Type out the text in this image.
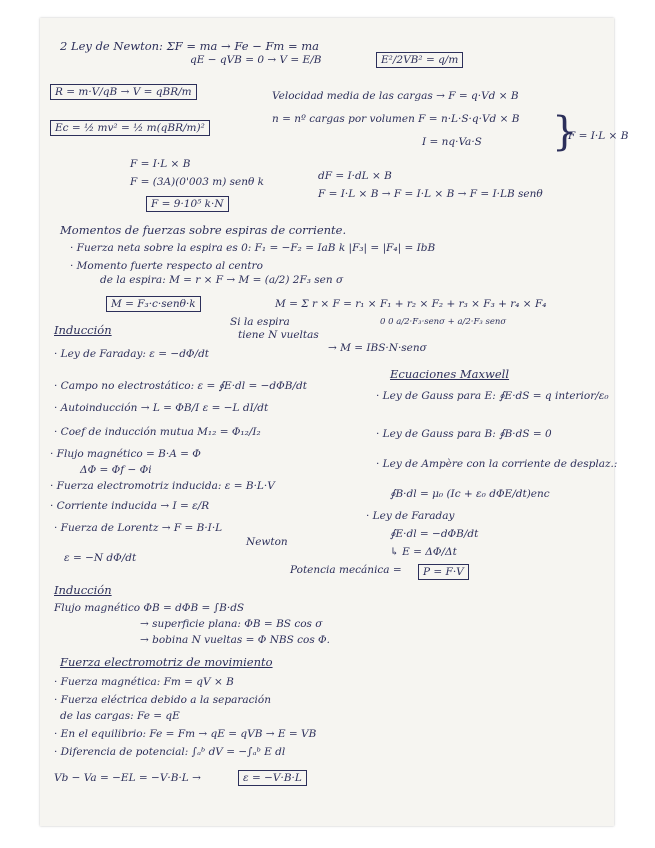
2 Ley de Newton: ΣF = ma → Fe − Fm = ma
qE − qVB = 0 → V = E/B	E²/2VB² = q/m
R = m·V/qB → V = qBR/m	Velocidad media de las cargas → F = q·Vd × B
n = nº cargas por volumen F = n·L·S·q·Vd × B
Ec = ½ mv² = ½ m(qBR/m)²
I = nq·Va·S }
F = I·L × B
F = I·L × B
F = (3A)(0'003 m) senθ k	dF = I·dL × B
F = I·L × B → F = I·L × B → F = I·LB senθ
F = 9·10⁵ k·N
Momentos de fuerzas sobre espiras de corriente.
· Fuerza neta sobre la espira es 0: F₁ = −F₂ = IaB k |F₃| = |F₄| = IbB
· Momento fuerte respecto al centro
de la espira: M = r × F → M = (a/2) 2F₃ sen σ
M = F₃·c·senθ·k	M = Σ r × F = r₁ × F₁ + r₂ × F₂ + r₃ × F₃ + r₄ × F₄
Si la espira	0 0 a/2·F₃·senσ + a/2·F₃ senσ
tiene N vueltas
→ M = IBS·N·senσ
Inducción
· Ley de Faraday: ε = −dΦ/dt
· Campo no electrostático: ε = ∮E·dl = −dΦB/dt
Ecuaciones Maxwell
· Autoinducción → L = ΦB/I ε = −L dI/dt
· Ley de Gauss para E: ∮E·dS = q interior/ε₀
· Coef de inducción mutua M₁₂ = Φ₁₂/I₂	· Ley de Gauss para B: ∮B·dS = 0
· Flujo magnético = B·A = Φ
ΔΦ = Φf − Φi	· Ley de Ampère con la corriente de desplaz.:
· Fuerza electromotriz inducida: ε = B·L·V
∮B·dl = μ₀ (Ic + ε₀ dΦE/dt)enc
· Corriente inducida → I = ε/R
· Ley de Faraday
· Fuerza de Lorentz → F = B·I·L
Newton
∮E·dl = −dΦB/dt
↳ E = ΔΦ/Δt
ε = −N dΦ/dt
Potencia mecánica =	P = F·V
Inducción
Flujo magnético ΦB = dΦB = ∫B·dS
→ superficie plana: ΦB = BS cos σ
→ bobina N vueltas = Φ NBS cos Φ.
Fuerza electromotriz de movimiento
· Fuerza magnética: Fm = qV × B
· Fuerza eléctrica debido a la separación
de las cargas: Fe = qE
· En el equilibrio: Fe = Fm → qE = qVB → E = VB
· Diferencia de potencial: ∫ₐᵇ dV = −∫ₐᵇ E dl
Vb − Va = −EL = −V·B·L →	ε = −V·B·L
